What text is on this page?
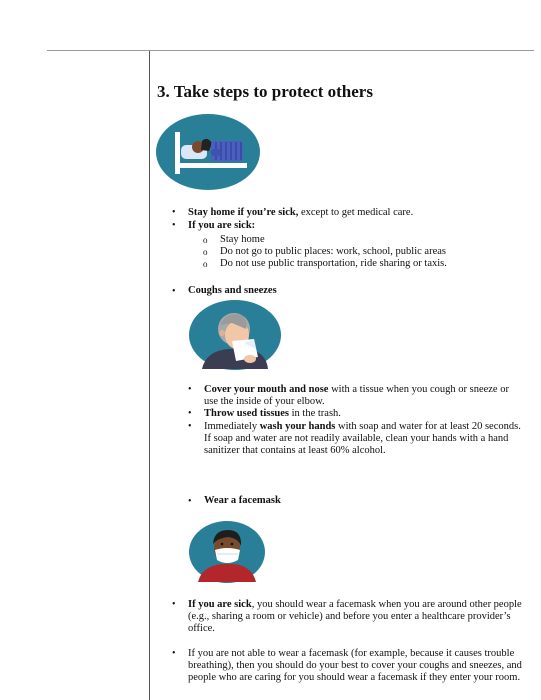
3. Take steps to protect others
• Stay home if you’re sick, except to get medical care.
• If you are sick:
o Stay home
o Do not go to public places: work, school, public areas
o Do not use public transportation, ride sharing or taxis.
• Coughs and sneezes
• Cover your mouth and nose with a tissue when you cough or sneeze or
use the inside of your elbow.
• Throw used tissues in the trash.
• Immediately wash your hands with soap and water for at least 20 seconds.
If soap and water are not readily available, clean your hands with a hand
sanitizer that contains at least 60% alcohol.
• Wear a facemask
• If you are sick, you should wear a facemask when you are around other people
(e.g., sharing a room or vehicle) and before you enter a healthcare provider’s
office.
• If you are not able to wear a facemask (for example, because it causes trouble
breathing), then you should do your best to cover your coughs and sneezes, and
people who are caring for you should wear a facemask if they enter your room.
